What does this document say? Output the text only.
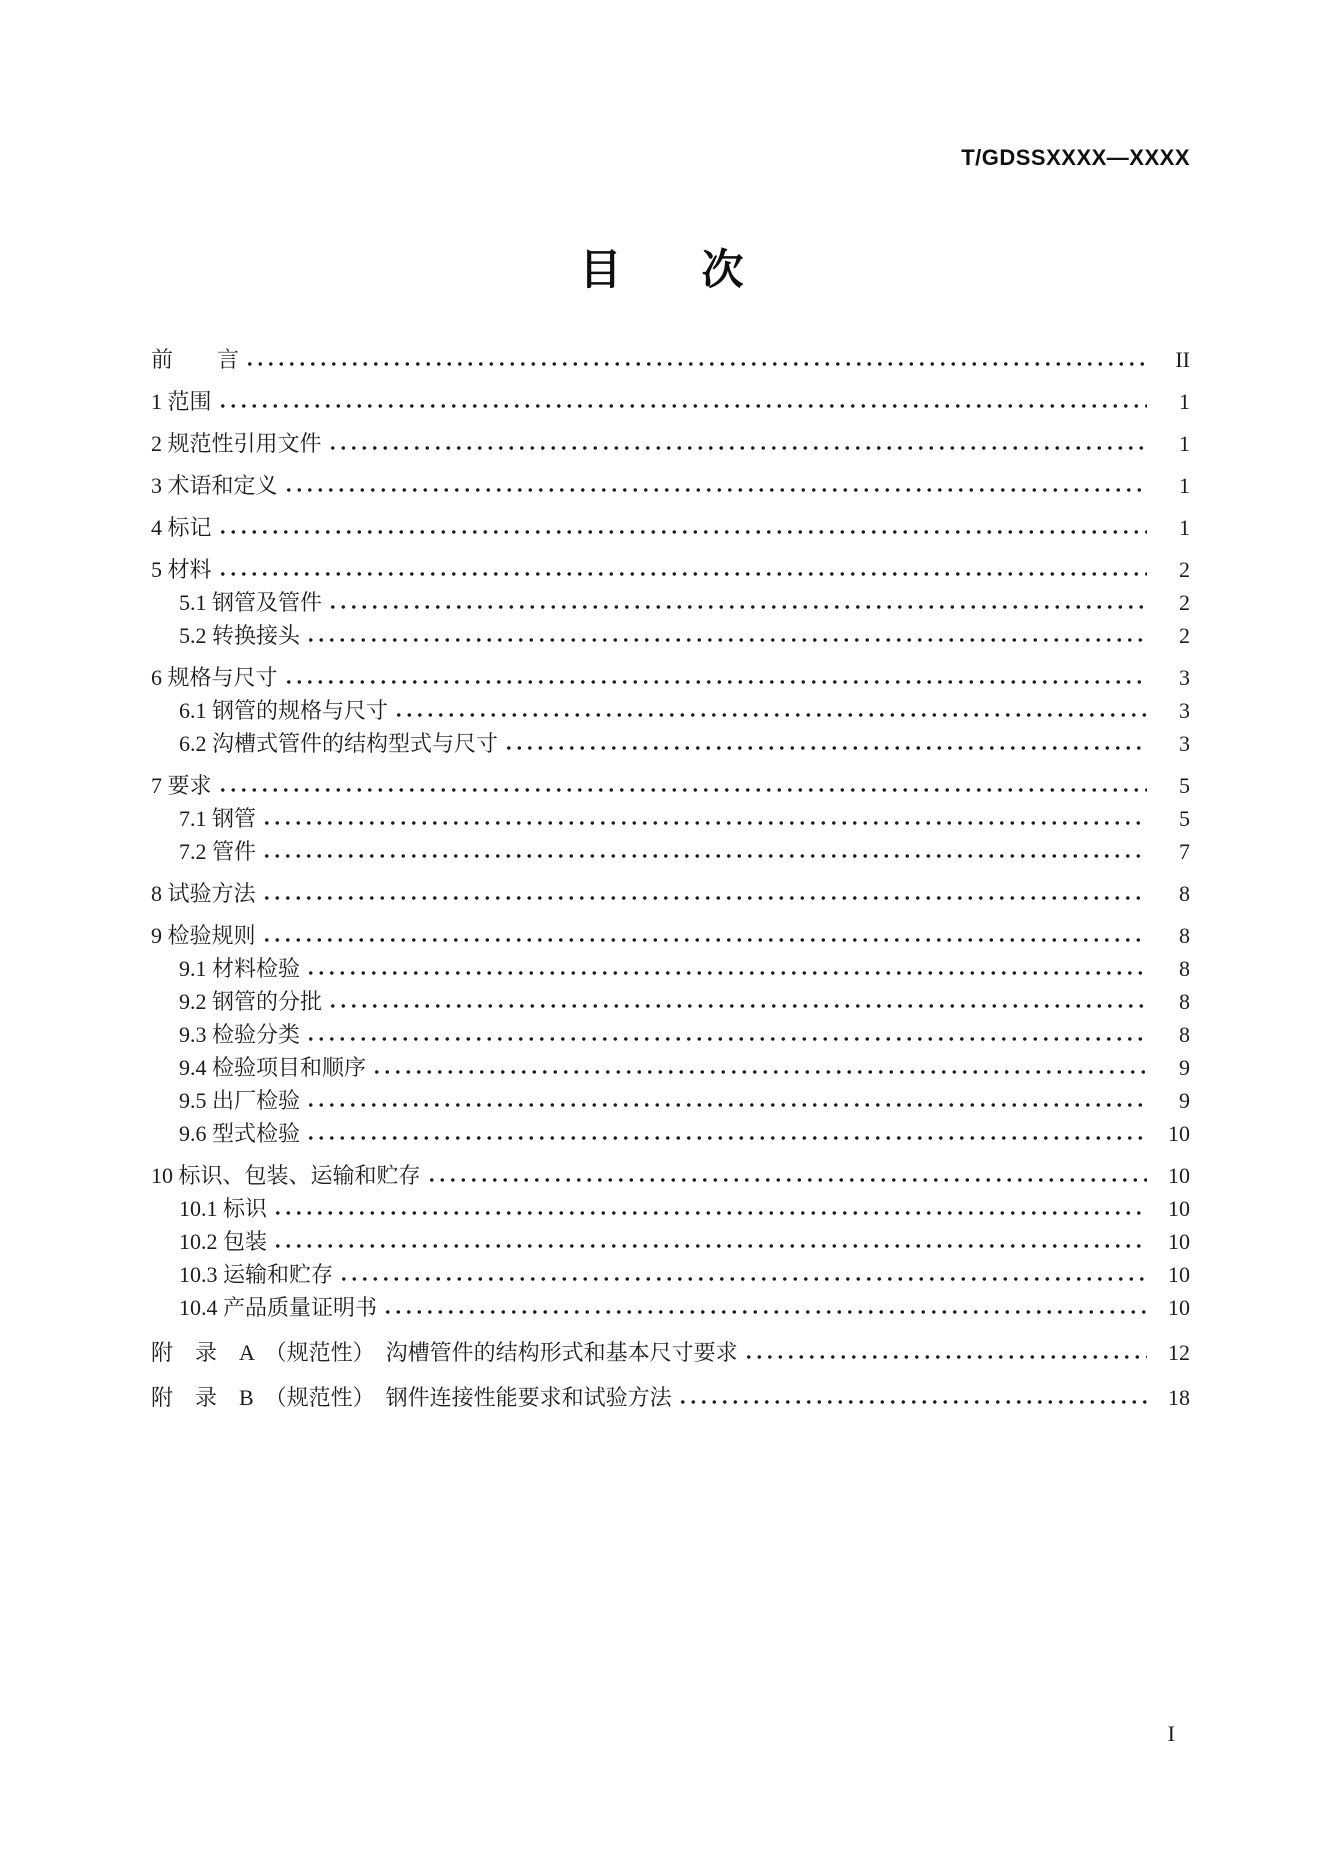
T/GDSSXXXX—XXXX
目 次
前　　言	II
1 范围	1
2 规范性引用文件	1
3 术语和定义	1
4 标记	1
5 材料	2
5.1 钢管及管件	2
5.2 转换接头	2
6 规格与尺寸	3
6.1 钢管的规格与尺寸	3
6.2 沟槽式管件的结构型式与尺寸	3
7 要求	5
7.1 钢管	5
7.2 管件	7
8 试验方法	8
9 检验规则	8
9.1 材料检验	8
9.2 钢管的分批	8
9.3 检验分类	8
9.4 检验项目和顺序	9
9.5 出厂检验	9
9.6 型式检验	10
10 标识、包装、运输和贮存	10
10.1 标识	10
10.2 包装	10
10.3 运输和贮存	10
10.4 产品质量证明书	10
附　录　A　（规范性）　沟槽管件的结构形式和基本尺寸要求	12
附　录　B　（规范性）　钢件连接性能要求和试验方法	18
I
